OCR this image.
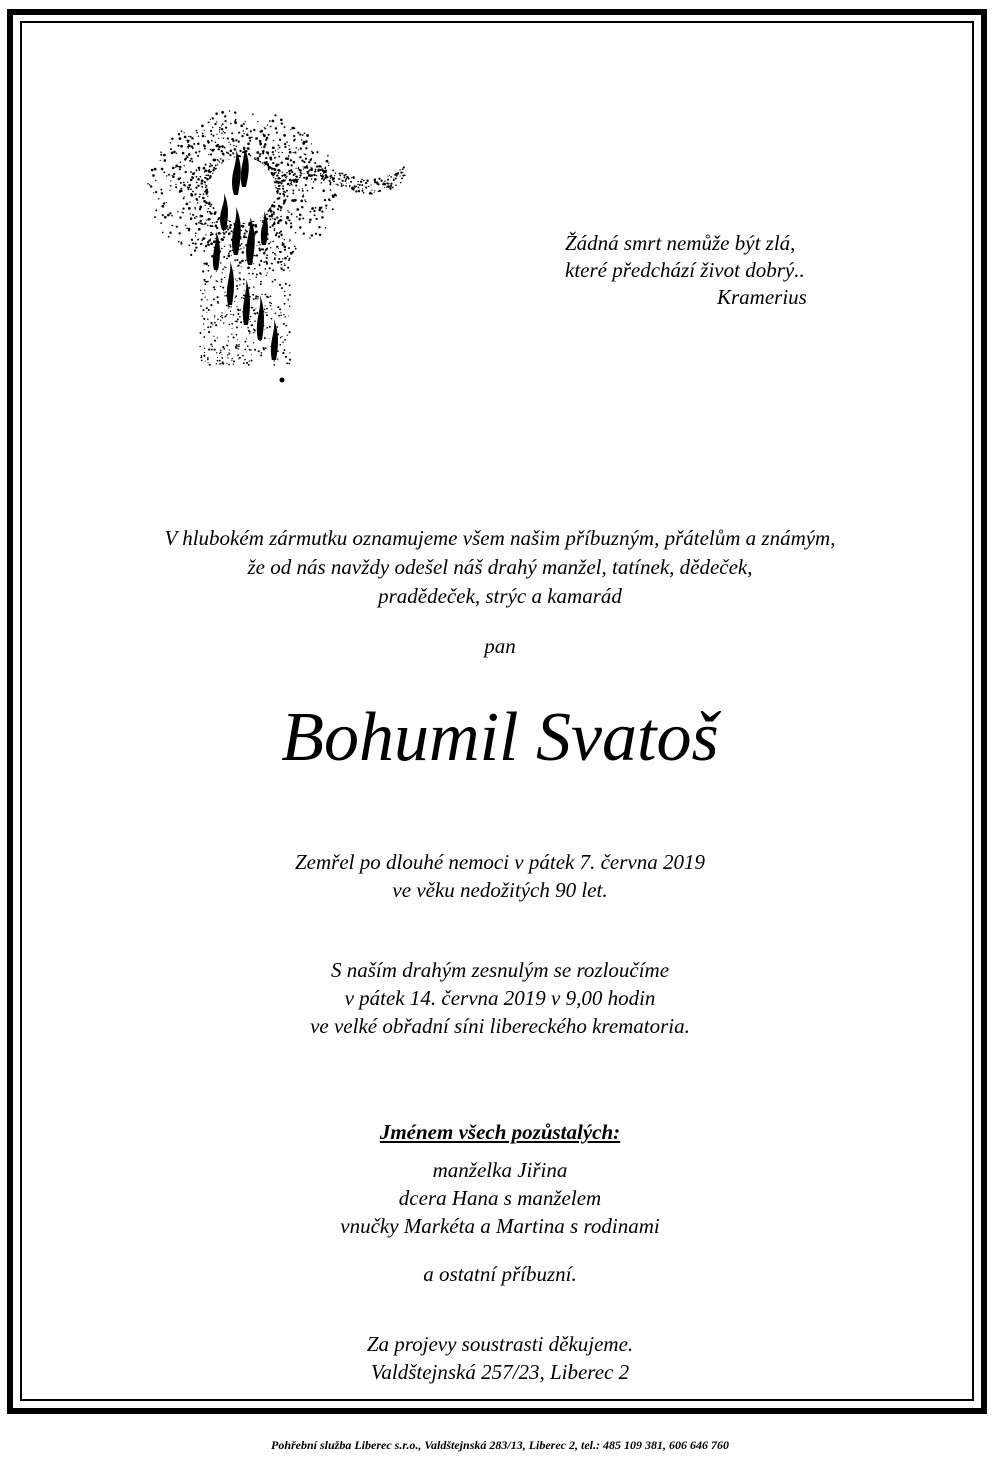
Žádná smrt nemůže být zlá,
které předchází život dobrý..
Kramerius
V hlubokém zármutku oznamujeme všem našim příbuzným, přátelům a známým,
že od nás navždy odešel náš drahý manžel, tatínek, dědeček,
pradědeček, strýc a kamarád
pan
Bohumil Svatoš
Zemřel po dlouhé nemoci v pátek 7. června 2019
ve věku nedožitých 90 let.
S naším drahým zesnulým se rozloučíme
v pátek 14. června 2019 v 9,00 hodin
ve velké obřadní síni libereckého krematoria.
Jménem všech pozůstalých:
manželka Jiřina
dcera Hana s manželem
vnučky Markéta a Martina s rodinami
a ostatní příbuzní.
Za projevy soustrasti děkujeme.
Valdštejnská 257/23, Liberec 2
Pohřební služba Liberec s.r.o., Valdštejnská 283/13, Liberec 2, tel.: 485 109 381, 606 646 760
